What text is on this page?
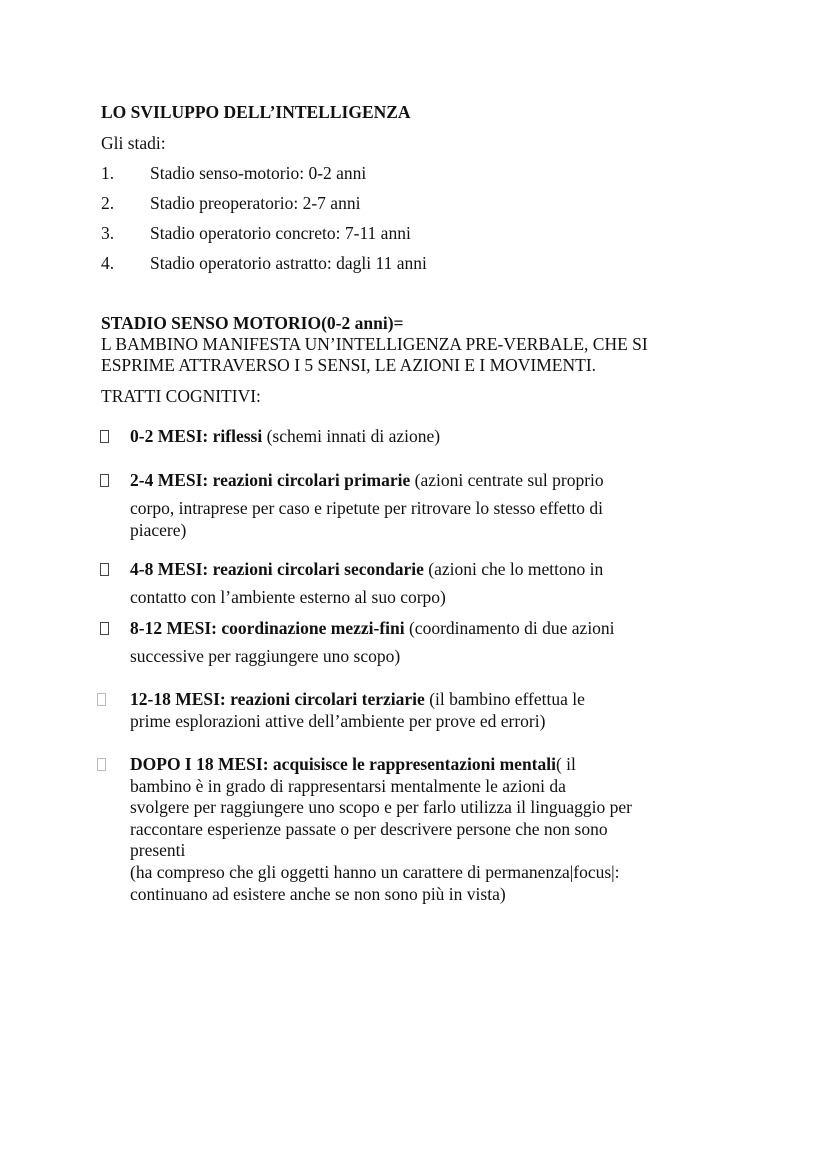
LO SVILUPPO DELL’INTELLIGENZA
Gli stadi:
1. Stadio senso-motorio: 0-2 anni
2. Stadio preoperatorio: 2-7 anni
3. Stadio operatorio concreto: 7-11 anni
4. Stadio operatorio astratto: dagli 11 anni
STADIO SENSO MOTORIO(0-2 anni)=
L BAMBINO MANIFESTA UN’INTELLIGENZA PRE-VERBALE, CHE SI
ESPRIME ATTRAVERSO I 5 SENSI, LE AZIONI E I MOVIMENTI.
TRATTI COGNITIVI:
0-2 MESI: riflessi (schemi innati di azione)
2-4 MESI: reazioni circolari primarie (azioni centrate sul proprio
corpo, intraprese per caso e ripetute per ritrovare lo stesso effetto di
piacere)
4-8 MESI: reazioni circolari secondarie (azioni che lo mettono in
contatto con l’ambiente esterno al suo corpo)
8-12 MESI: coordinazione mezzi-fini (coordinamento di due azioni
successive per raggiungere uno scopo)
12-18 MESI: reazioni circolari terziarie (il bambino effettua le
prime esplorazioni attive dell’ambiente per prove ed errori)
DOPO I 18 MESI: acquisisce le rappresentazioni mentali( il
bambino è in grado di rappresentarsi mentalmente le azioni da
svolgere per raggiungere uno scopo e per farlo utilizza il linguaggio per
raccontare esperienze passate o per descrivere persone che non sono
presenti
(ha compreso che gli oggetti hanno un carattere di permanenza|focus|:
continuano ad esistere anche se non sono più in vista)
